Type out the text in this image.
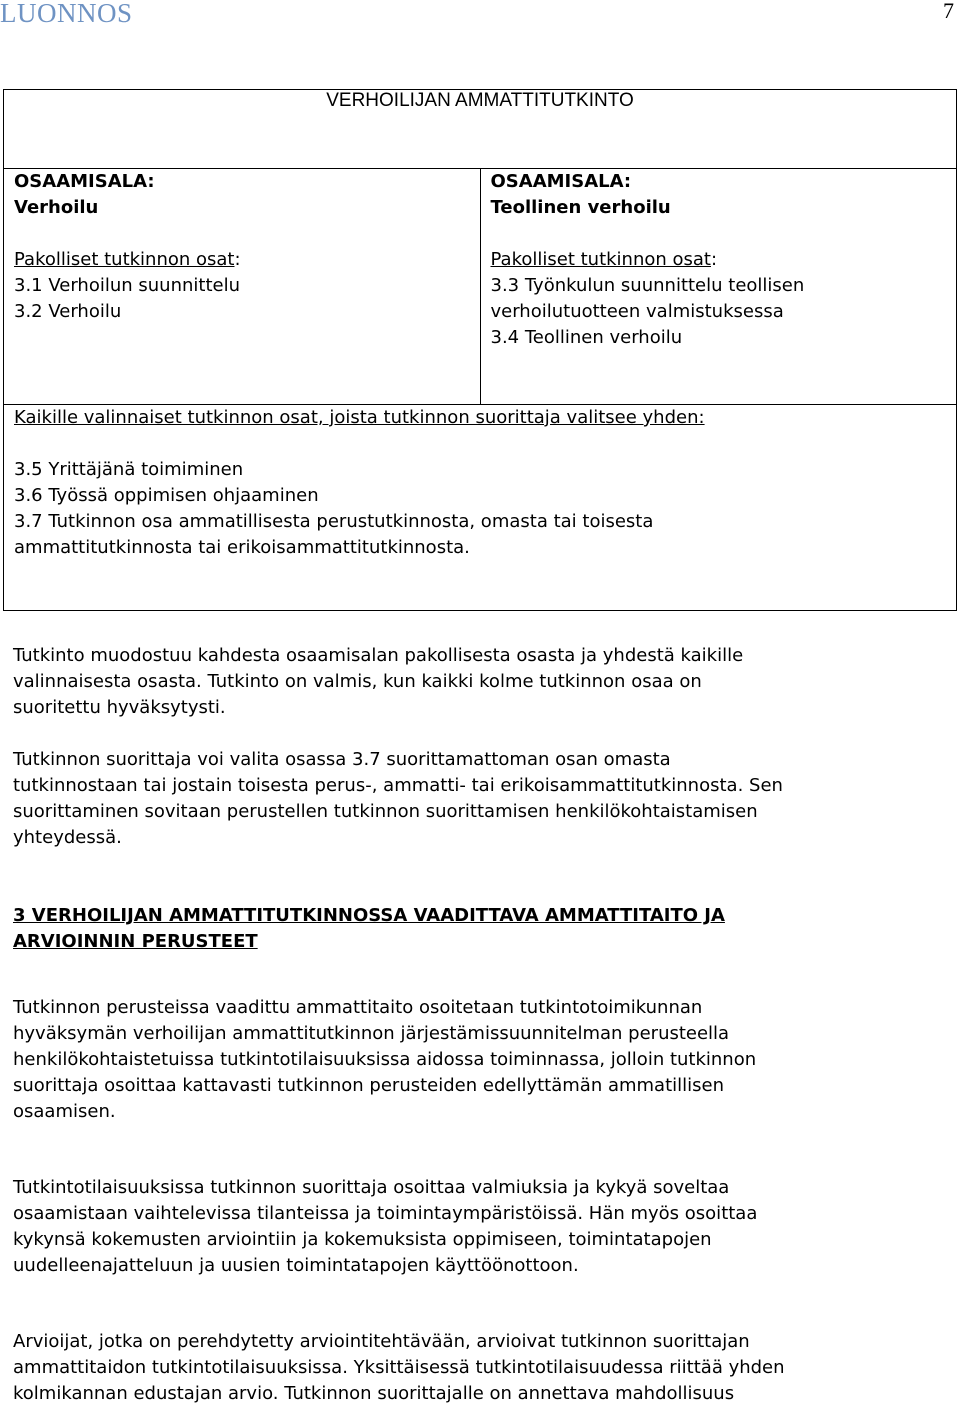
LUONNOS	7
VERHOILIJAN AMMATTITUTKINTO

OSAAMISALA:
Verhoilu
Pakolliset tutkinnon osat:
3.1 Verhoilun suunnittelu
3.2 Verhoilu

OSAAMISALA:
Teollinen verhoilu
Pakolliset tutkinnon osat:
3.3 Työnkulun suunnittelu teollisen
verhoilutuotteen valmistuksessa
3.4 Teollinen verhoilu

Kaikille valinnaiset tutkinnon osat, joista tutkinnon suorittaja valitsee yhden:
3.5 Yrittäjänä toimiminen
3.6 Työssä oppimisen ohjaaminen
3.7 Tutkinnon osa ammatillisesta perustutkinnosta, omasta tai toisesta
ammattitutkinnosta tai erikoisammattitutkinnosta.
Tutkinto muodostuu kahdesta osaamisalan pakollisesta osasta ja yhdestä kaikille
valinnaisesta osasta. Tutkinto on valmis, kun kaikki kolme tutkinnon osaa on
suoritettu hyväksytysti.
Tutkinnon suorittaja voi valita osassa 3.7 suorittamattoman osan omasta
tutkinnostaan tai jostain toisesta perus-, ammatti- tai erikoisammattitutkinnosta. Sen
suorittaminen sovitaan perustellen tutkinnon suorittamisen henkilökohtaistamisen
yhteydessä.
3 VERHOILIJAN AMMATTITUTKINNOSSA VAADITTAVA AMMATTITAITO JA
ARVIOINNIN PERUSTEET
Tutkinnon perusteissa vaadittu ammattitaito osoitetaan tutkintotoimikunnan
hyväksymän verhoilijan ammattitutkinnon järjestämissuunnitelman perusteella
henkilökohtaistetuissa tutkintotilaisuuksissa aidossa toiminnassa, jolloin tutkinnon
suorittaja osoittaa kattavasti tutkinnon perusteiden edellyttämän ammatillisen
osaamisen.
Tutkintotilaisuuksissa tutkinnon suorittaja osoittaa valmiuksia ja kykyä soveltaa
osaamistaan vaihtelevissa tilanteissa ja toimintaympäristöissä. Hän myös osoittaa
kykynsä kokemusten arviointiin ja kokemuksista oppimiseen, toimintatapojen
uudelleenajatteluun ja uusien toimintatapojen käyttöönottoon.
Arvioijat, jotka on perehdytetty arviointitehtävään, arvioivat tutkinnon suorittajan
ammattitaidon tutkintotilaisuuksissa. Yksittäisessä tutkintotilaisuudessa riittää yhden
kolmikannan edustajan arvio. Tutkinnon suorittajalle on annettava mahdollisuus
